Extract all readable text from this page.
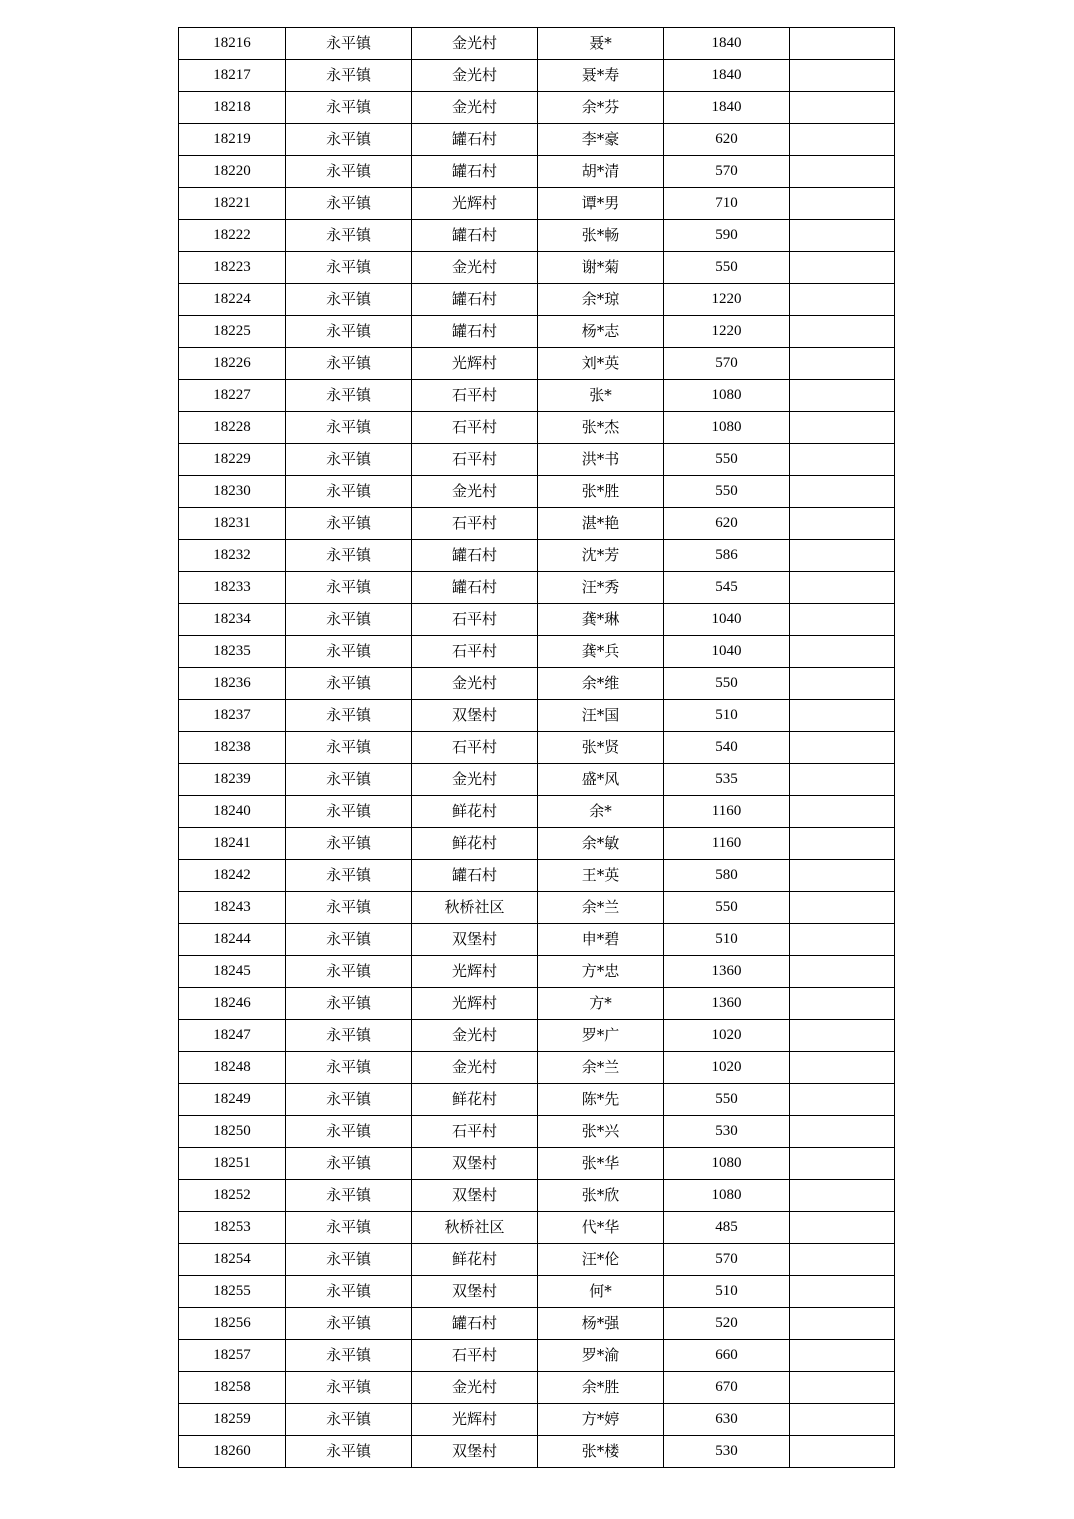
18216	永平镇	金光村	聂*	1840	
18217	永平镇	金光村	聂*寿	1840	
18218	永平镇	金光村	余*芬	1840	
18219	永平镇	罐石村	李*豪	620	
18220	永平镇	罐石村	胡*清	570	
18221	永平镇	光辉村	谭*男	710	
18222	永平镇	罐石村	张*畅	590	
18223	永平镇	金光村	谢*菊	550	
18224	永平镇	罐石村	余*琼	1220	
18225	永平镇	罐石村	杨*志	1220	
18226	永平镇	光辉村	刘*英	570	
18227	永平镇	石平村	张*	1080	
18228	永平镇	石平村	张*杰	1080	
18229	永平镇	石平村	洪*书	550	
18230	永平镇	金光村	张*胜	550	
18231	永平镇	石平村	湛*艳	620	
18232	永平镇	罐石村	沈*芳	586	
18233	永平镇	罐石村	汪*秀	545	
18234	永平镇	石平村	龚*琳	1040	
18235	永平镇	石平村	龚*兵	1040	
18236	永平镇	金光村	余*维	550	
18237	永平镇	双堡村	汪*国	510	
18238	永平镇	石平村	张*贤	540	
18239	永平镇	金光村	盛*风	535	
18240	永平镇	鲜花村	余*	1160	
18241	永平镇	鲜花村	余*敏	1160	
18242	永平镇	罐石村	王*英	580	
18243	永平镇	秋桥社区	余*兰	550	
18244	永平镇	双堡村	申*碧	510	
18245	永平镇	光辉村	方*忠	1360	
18246	永平镇	光辉村	方*	1360	
18247	永平镇	金光村	罗*广	1020	
18248	永平镇	金光村	余*兰	1020	
18249	永平镇	鲜花村	陈*先	550	
18250	永平镇	石平村	张*兴	530	
18251	永平镇	双堡村	张*华	1080	
18252	永平镇	双堡村	张*欣	1080	
18253	永平镇	秋桥社区	代*华	485	
18254	永平镇	鲜花村	汪*伦	570	
18255	永平镇	双堡村	何*	510	
18256	永平镇	罐石村	杨*强	520	
18257	永平镇	石平村	罗*渝	660	
18258	永平镇	金光村	余*胜	670	
18259	永平镇	光辉村	方*婷	630	
18260	永平镇	双堡村	张*楼	530	
